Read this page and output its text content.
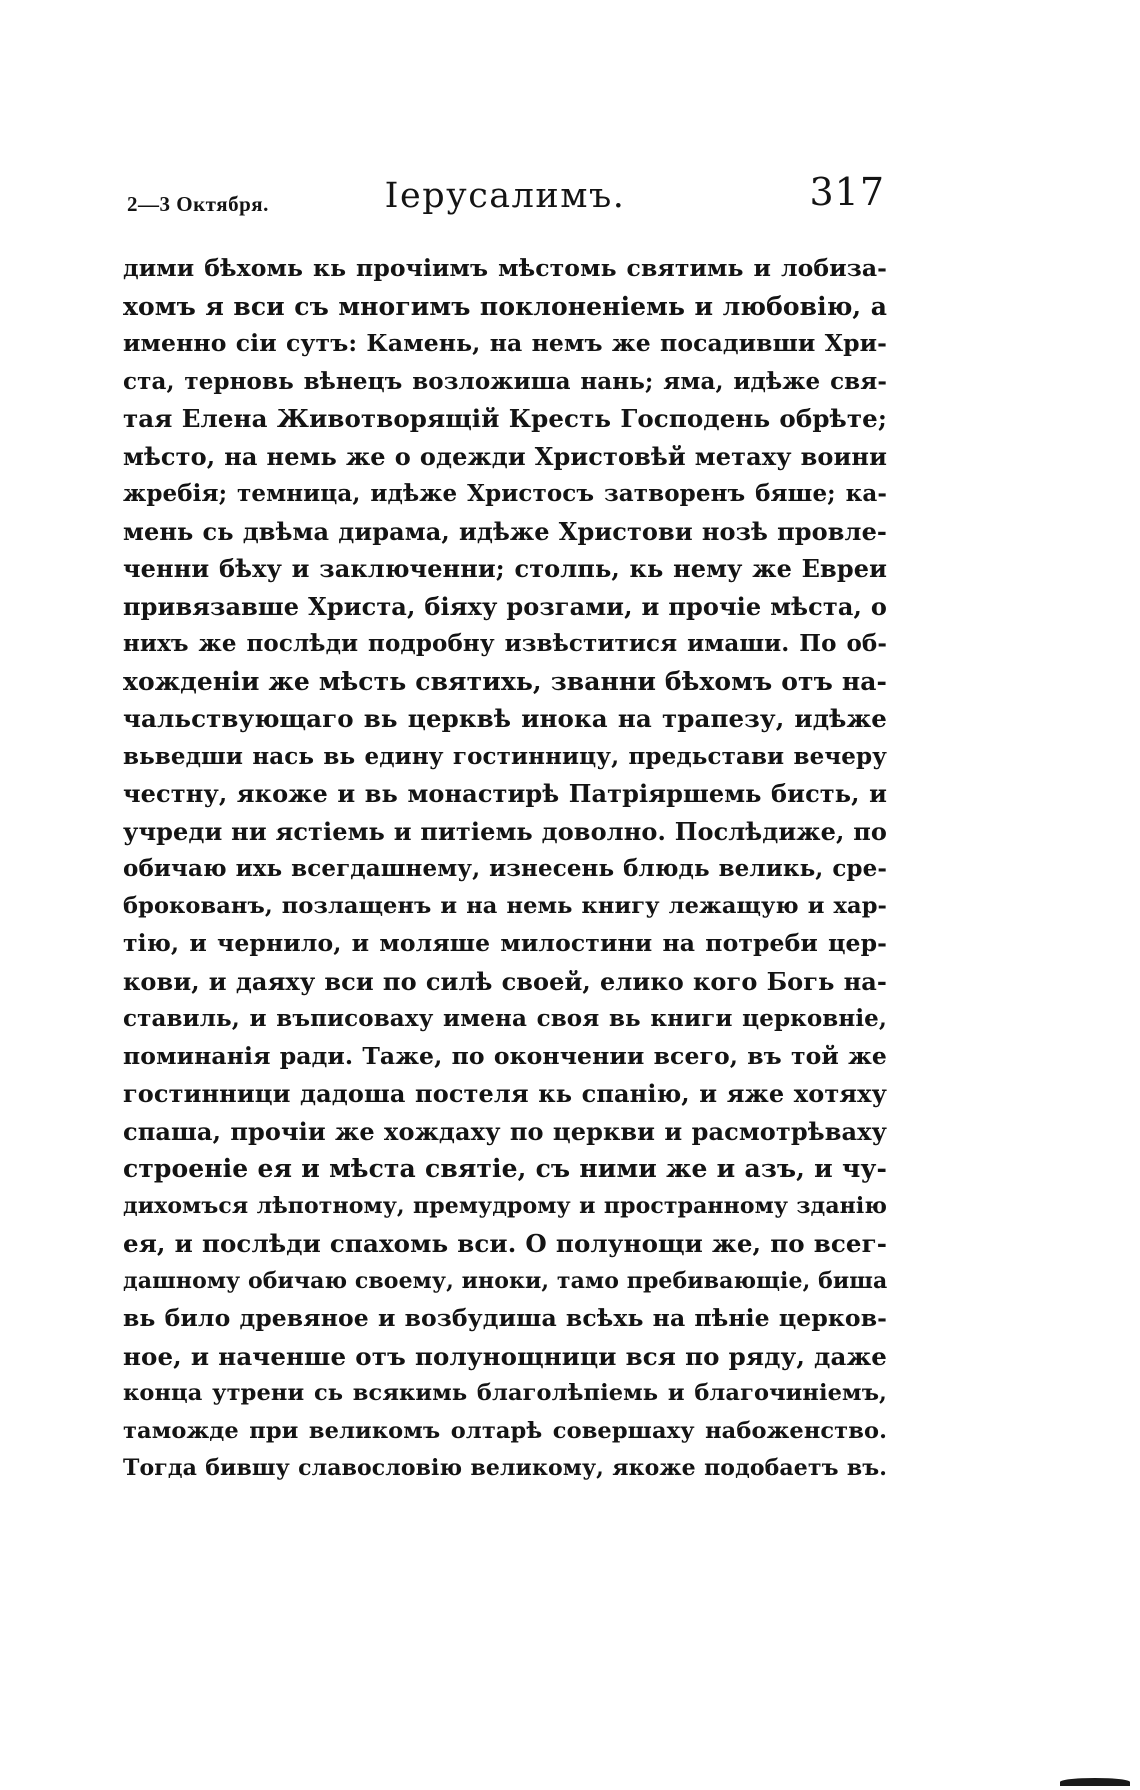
2—3 Октября.	Іерусалимъ.	317
дими бѣхомь кь прочіимъ мѣстомь святимь и лобиза-
хомъ я вси съ многимъ поклоненіемь и любовію, а
именно сіи сутъ: Камень, на немъ же посадивши Хри-
ста, терновь вѣнецъ возложиша нань; яма, идѣже свя-
тая Елена Животворящій Кресть Господень обрѣте;
мѣсто, на немь же о одежди Христовѣй метаху воини
жребія; темница, идѣже Христосъ затворенъ бяше; ка-
мень сь двѣма дирама, идѣже Христови нозѣ провле-
ченни бѣху и заключенни; столпь, кь нему же Евреи
привязавше Христа, біяху розгами, и прочіе мѣста, о
нихъ же послѣди подробну извѣститися имаши. По об-
хожденіи же мѣсть святихь, званни бѣхомъ отъ на-
чальствующаго вь церквѣ инока на трапезу, идѣже
вьведши нась вь едину гостинницу, предьстави вечеру
честну, якоже и вь монастирѣ Патріяршемь бисть, и
учреди ни ястіемь и питіемь доволно. Послѣдиже, по
обичаю ихь всегдашнему, изнесень блюдь великь, сре-
брокованъ, позлащенъ и на немь книгу лежащую и хар-
тію, и чернило, и моляше милостини на потреби цер-
кови, и даяху вси по силѣ своей, елико кого Богь на-
ставиль, и въписоваху имена своя вь книги церковніе,
поминанія ради. Таже, по окончении всего, въ той же
гостинници дадоша постеля кь спанію, и яже хотяху
спаша, прочіи же хождаху по церкви и расмотрѣваху
строеніе ея и мѣста святіе, съ ними же и азъ, и чу-
дихомъся лѣпотному, премудрому и пространному зданію
ея, и послѣди спахомь вси. О полунощи же, по всег-
дашному обичаю своему, иноки, тамо пребивающіе, биша
вь било древяное и возбудиша всѣхь на пѣніе церков-
ное, и наченше отъ полунощници вся по ряду, даже
конца утрени сь всякимь благолѣпіемь и благочиніемъ,
таможде при великомъ олтарѣ совершаху набоженство.
Тогда бившу славословію великому, якоже подобаетъ въ.
